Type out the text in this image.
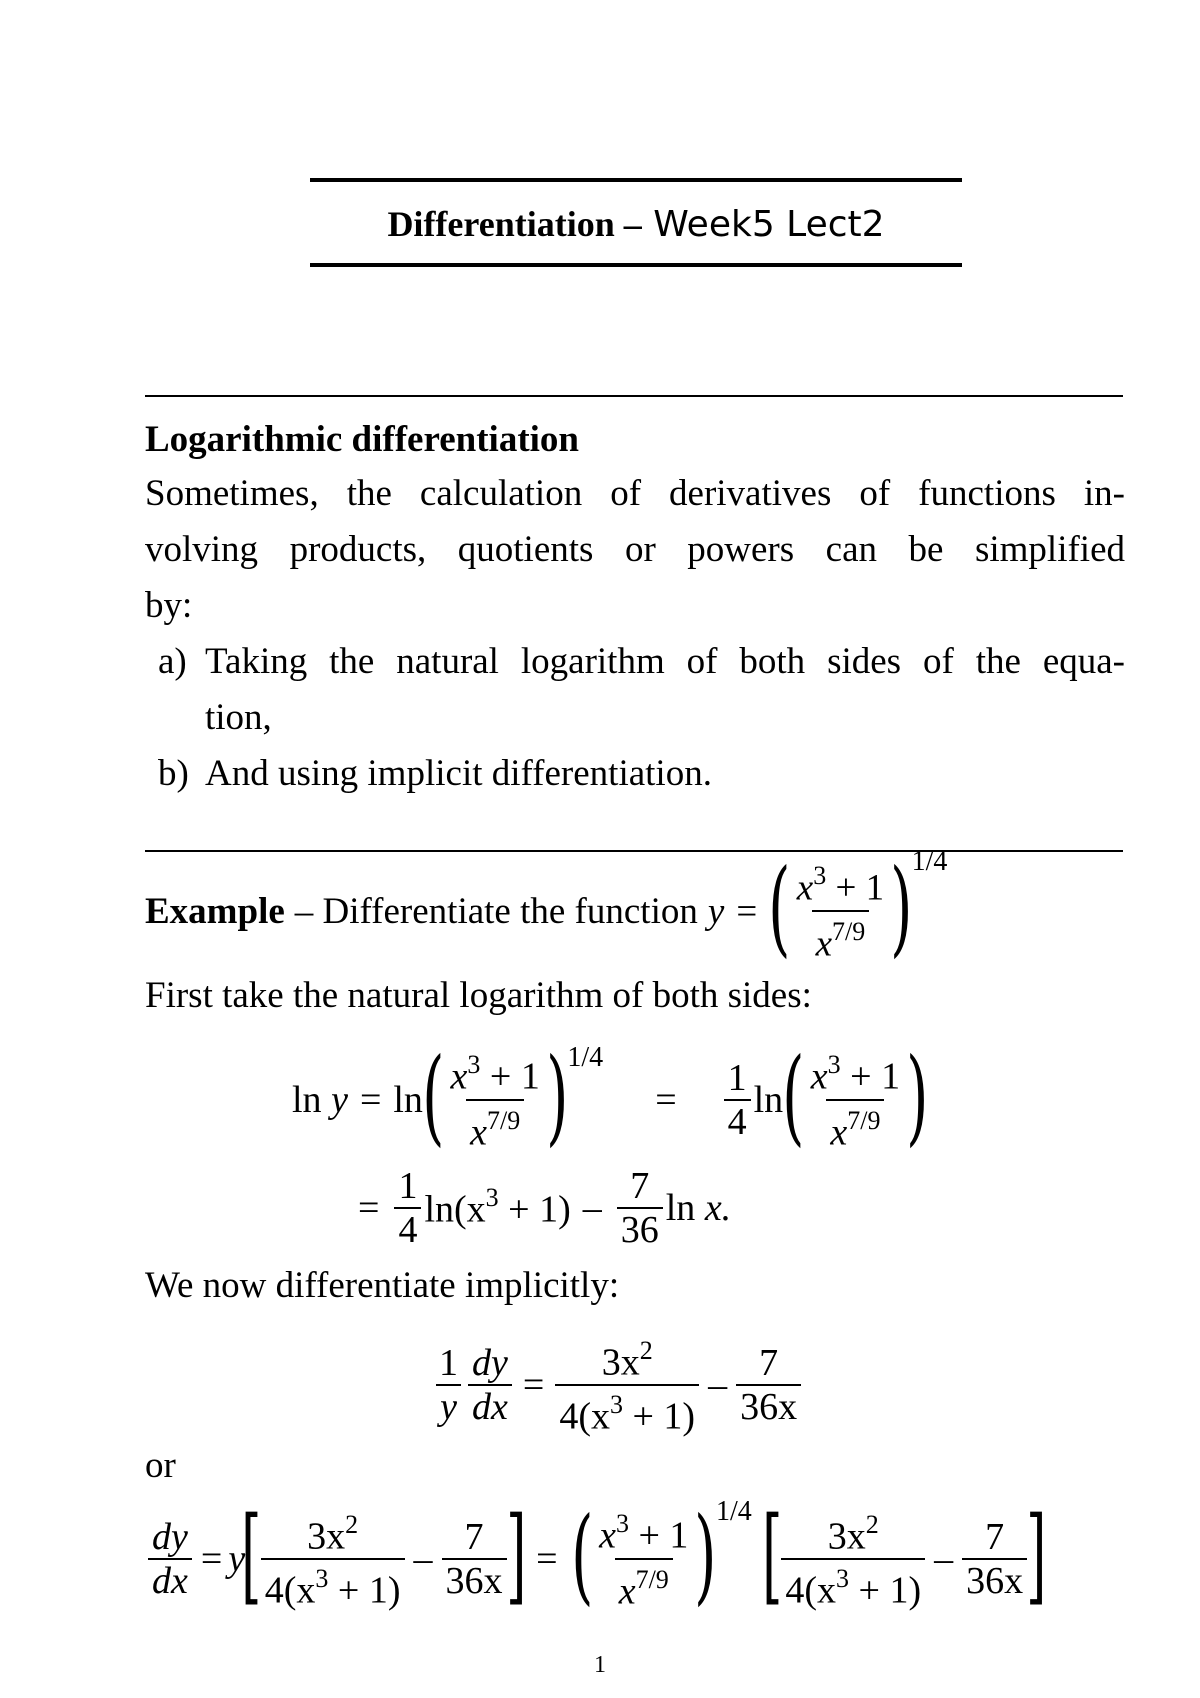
Differentiation – Week5 Lect2
Logarithmic differentiation
Sometimes, the calculation of derivatives of functions in-
volving products, quotients or powers can be simplified
by:
a) Taking the natural logarithm of both sides of the equa-
tion,
b) And using implicit differentiation.
Example – Differentiate the function y = ( $\frac{x^3 + 1}{x^{7/9}}$ ) 1/4
First take the natural logarithm of both sides:
ln y = ln ( $\frac{x^3 + 1}{x^{7/9}}$ ) 1/4
= $\frac{1}{4}$ ln ( $\frac{x^3 + 1}{x^{7/9}}$ )
= $\frac{1}{4} \ln(x^3 + 1) - \frac{7}{36}$ ln x.
We now differentiate implicitly:
$\frac{1}{y} \frac{dy}{dx} = \frac{3x^2}{4(x^3 + 1)} - \frac{7}{36x}$
or
$\frac{dy}{dx} = y$
[ $\frac{3x^2}{4(x^3 + 1)} - \frac{7}{36x}$ ] = ( $\frac{x^3 + 1}{x^{7/9}}$ ) 1/4 [ $\frac{3x^2}{4(x^3 + 1)} - \frac{7}{36x}$ ]
1
